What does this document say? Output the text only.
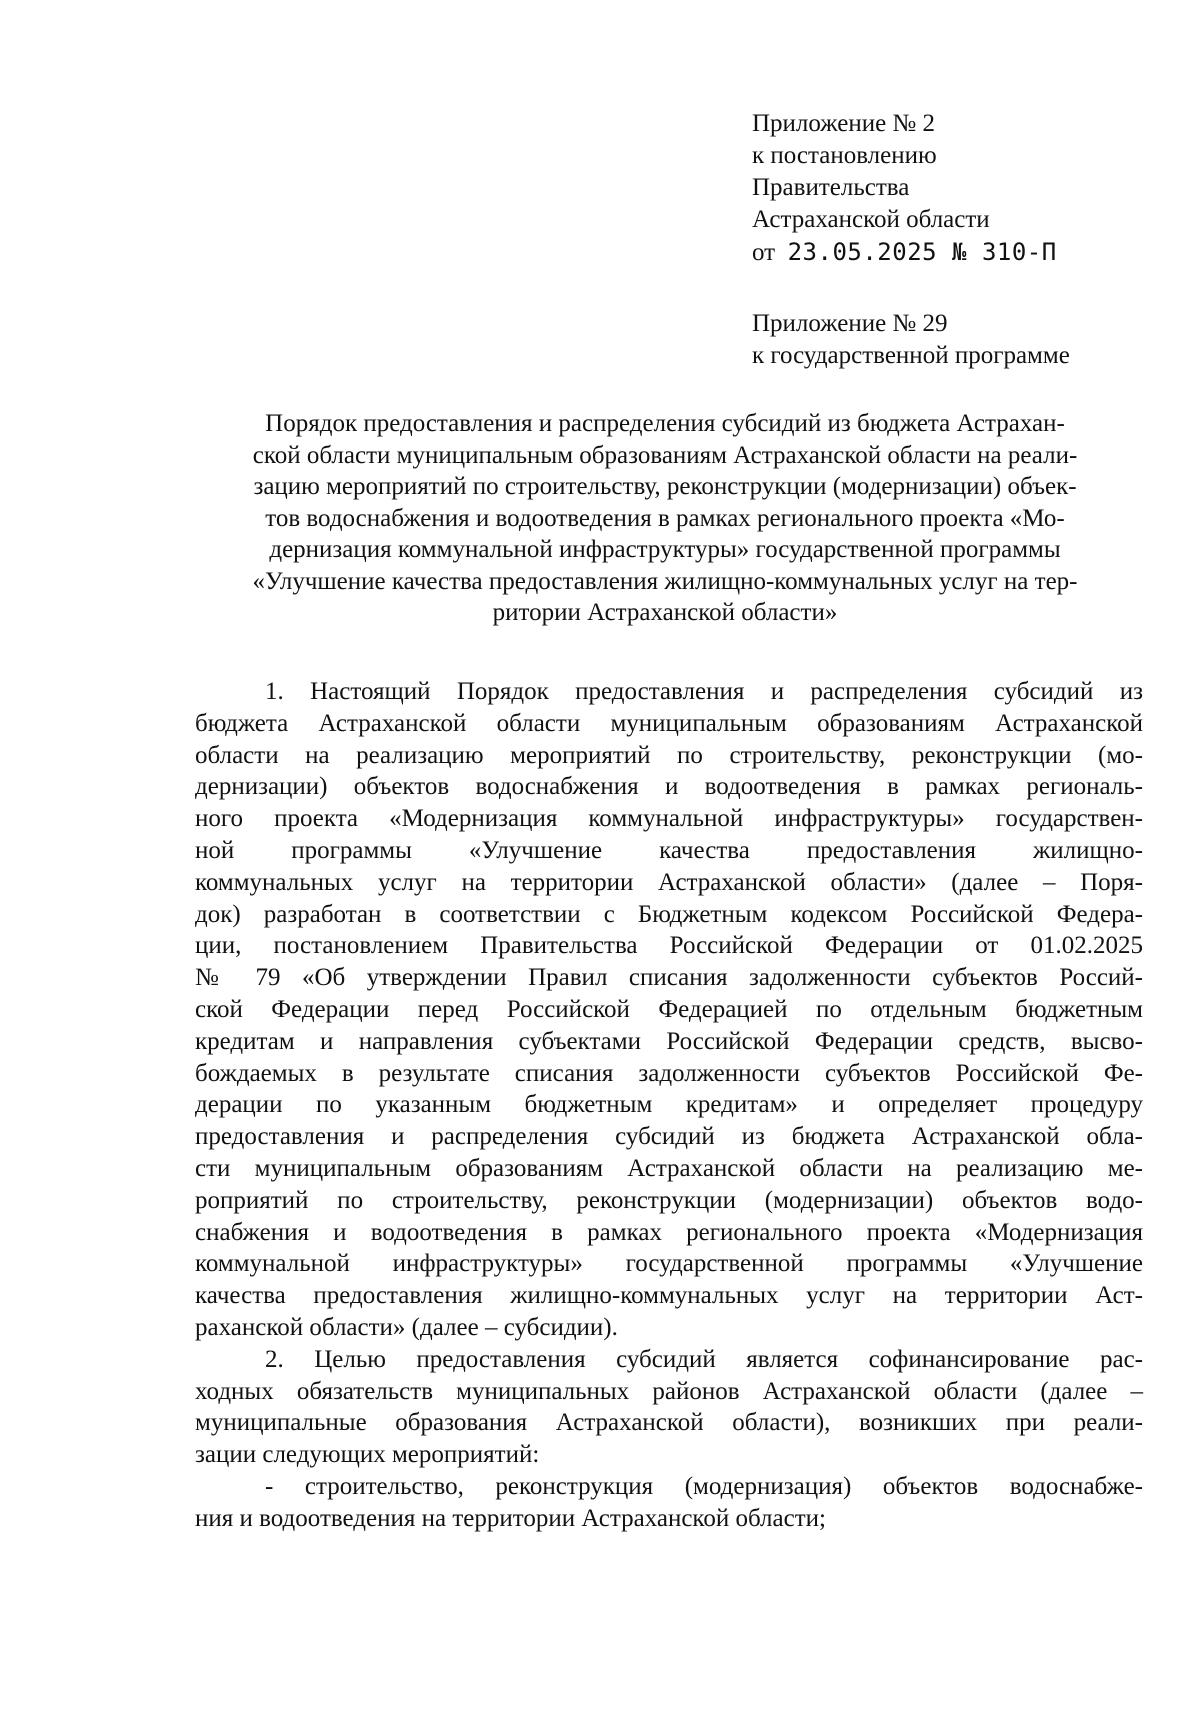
Приложение № 2
к постановлению
Правительства
Астраханской области
от 23.05.2025 № 310-П
Приложение № 29
к государственной программе
Порядок предоставления и распределения субсидий из бюджета Астрахан-
ской области муниципальным образованиям Астраханской области на реали-
зацию мероприятий по строительству, реконструкции (модернизации) объек-
тов водоснабжения и водоотведения в рамках регионального проекта «Мо-
дернизация коммунальной инфраструктуры» государственной программы
«Улучшение качества предоставления жилищно-коммунальных услуг на тер-
ритории Астраханской области»
1. Настоящий Порядок предоставления и распределения субсидий из
бюджета Астраханской области муниципальным образованиям Астраханской
области на реализацию мероприятий по строительству, реконструкции (мо-
дернизации) объектов водоснабжения и водоотведения в рамках региональ-
ного проекта «Модернизация коммунальной инфраструктуры» государствен-
ной программы «Улучшение качества предоставления жилищно-
коммунальных услуг на территории Астраханской области» (далее – Поря-
док) разработан в соответствии с Бюджетным кодексом Российской Федера-
ции, постановлением Правительства Российской Федерации от 01.02.2025
№ 79 «Об утверждении Правил списания задолженности субъектов Россий-
ской Федерации перед Российской Федерацией по отдельным бюджетным
кредитам и направления субъектами Российской Федерации средств, высво-
бождаемых в результате списания задолженности субъектов Российской Фе-
дерации по указанным бюджетным кредитам» и определяет процедуру
предоставления и распределения субсидий из бюджета Астраханской обла-
сти муниципальным образованиям Астраханской области на реализацию ме-
роприятий по строительству, реконструкции (модернизации) объектов водо-
снабжения и водоотведения в рамках регионального проекта «Модернизация
коммунальной инфраструктуры» государственной программы «Улучшение
качества предоставления жилищно-коммунальных услуг на территории Аст-
раханской области» (далее – субсидии).
2. Целью предоставления субсидий является софинансирование рас-
ходных обязательств муниципальных районов Астраханской области (далее –
муниципальные образования Астраханской области), возникших при реали-
зации следующих мероприятий:
- строительство, реконструкция (модернизация) объектов водоснабже-
ния и водоотведения на территории Астраханской области;
